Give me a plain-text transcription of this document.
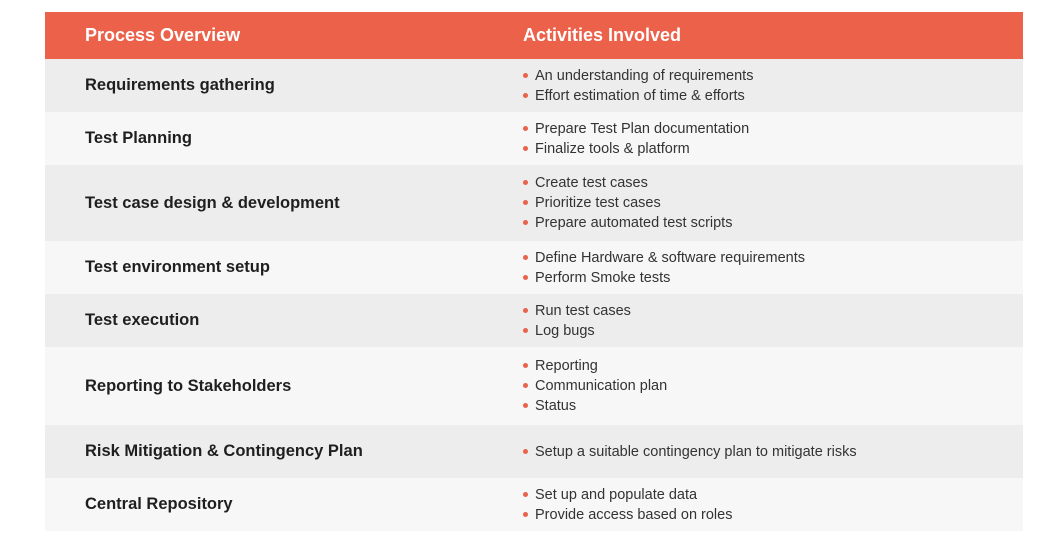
Process Overview	Activities Involved
Requirements gathering
An understanding of requirements
Effort estimation of time & efforts
Test Planning
Prepare Test Plan documentation
Finalize tools & platform
Test case design & development
Create test cases
Prioritize test cases
Prepare automated test scripts
Test environment setup
Define Hardware & software requirements
Perform Smoke tests
Test execution
Run test cases
Log bugs
Reporting to Stakeholders
Reporting
Communication plan
Status
Risk Mitigation & Contingency Plan	Setup a suitable contingency plan to mitigate risks
Central Repository
Set up and populate data
Provide access based on roles
